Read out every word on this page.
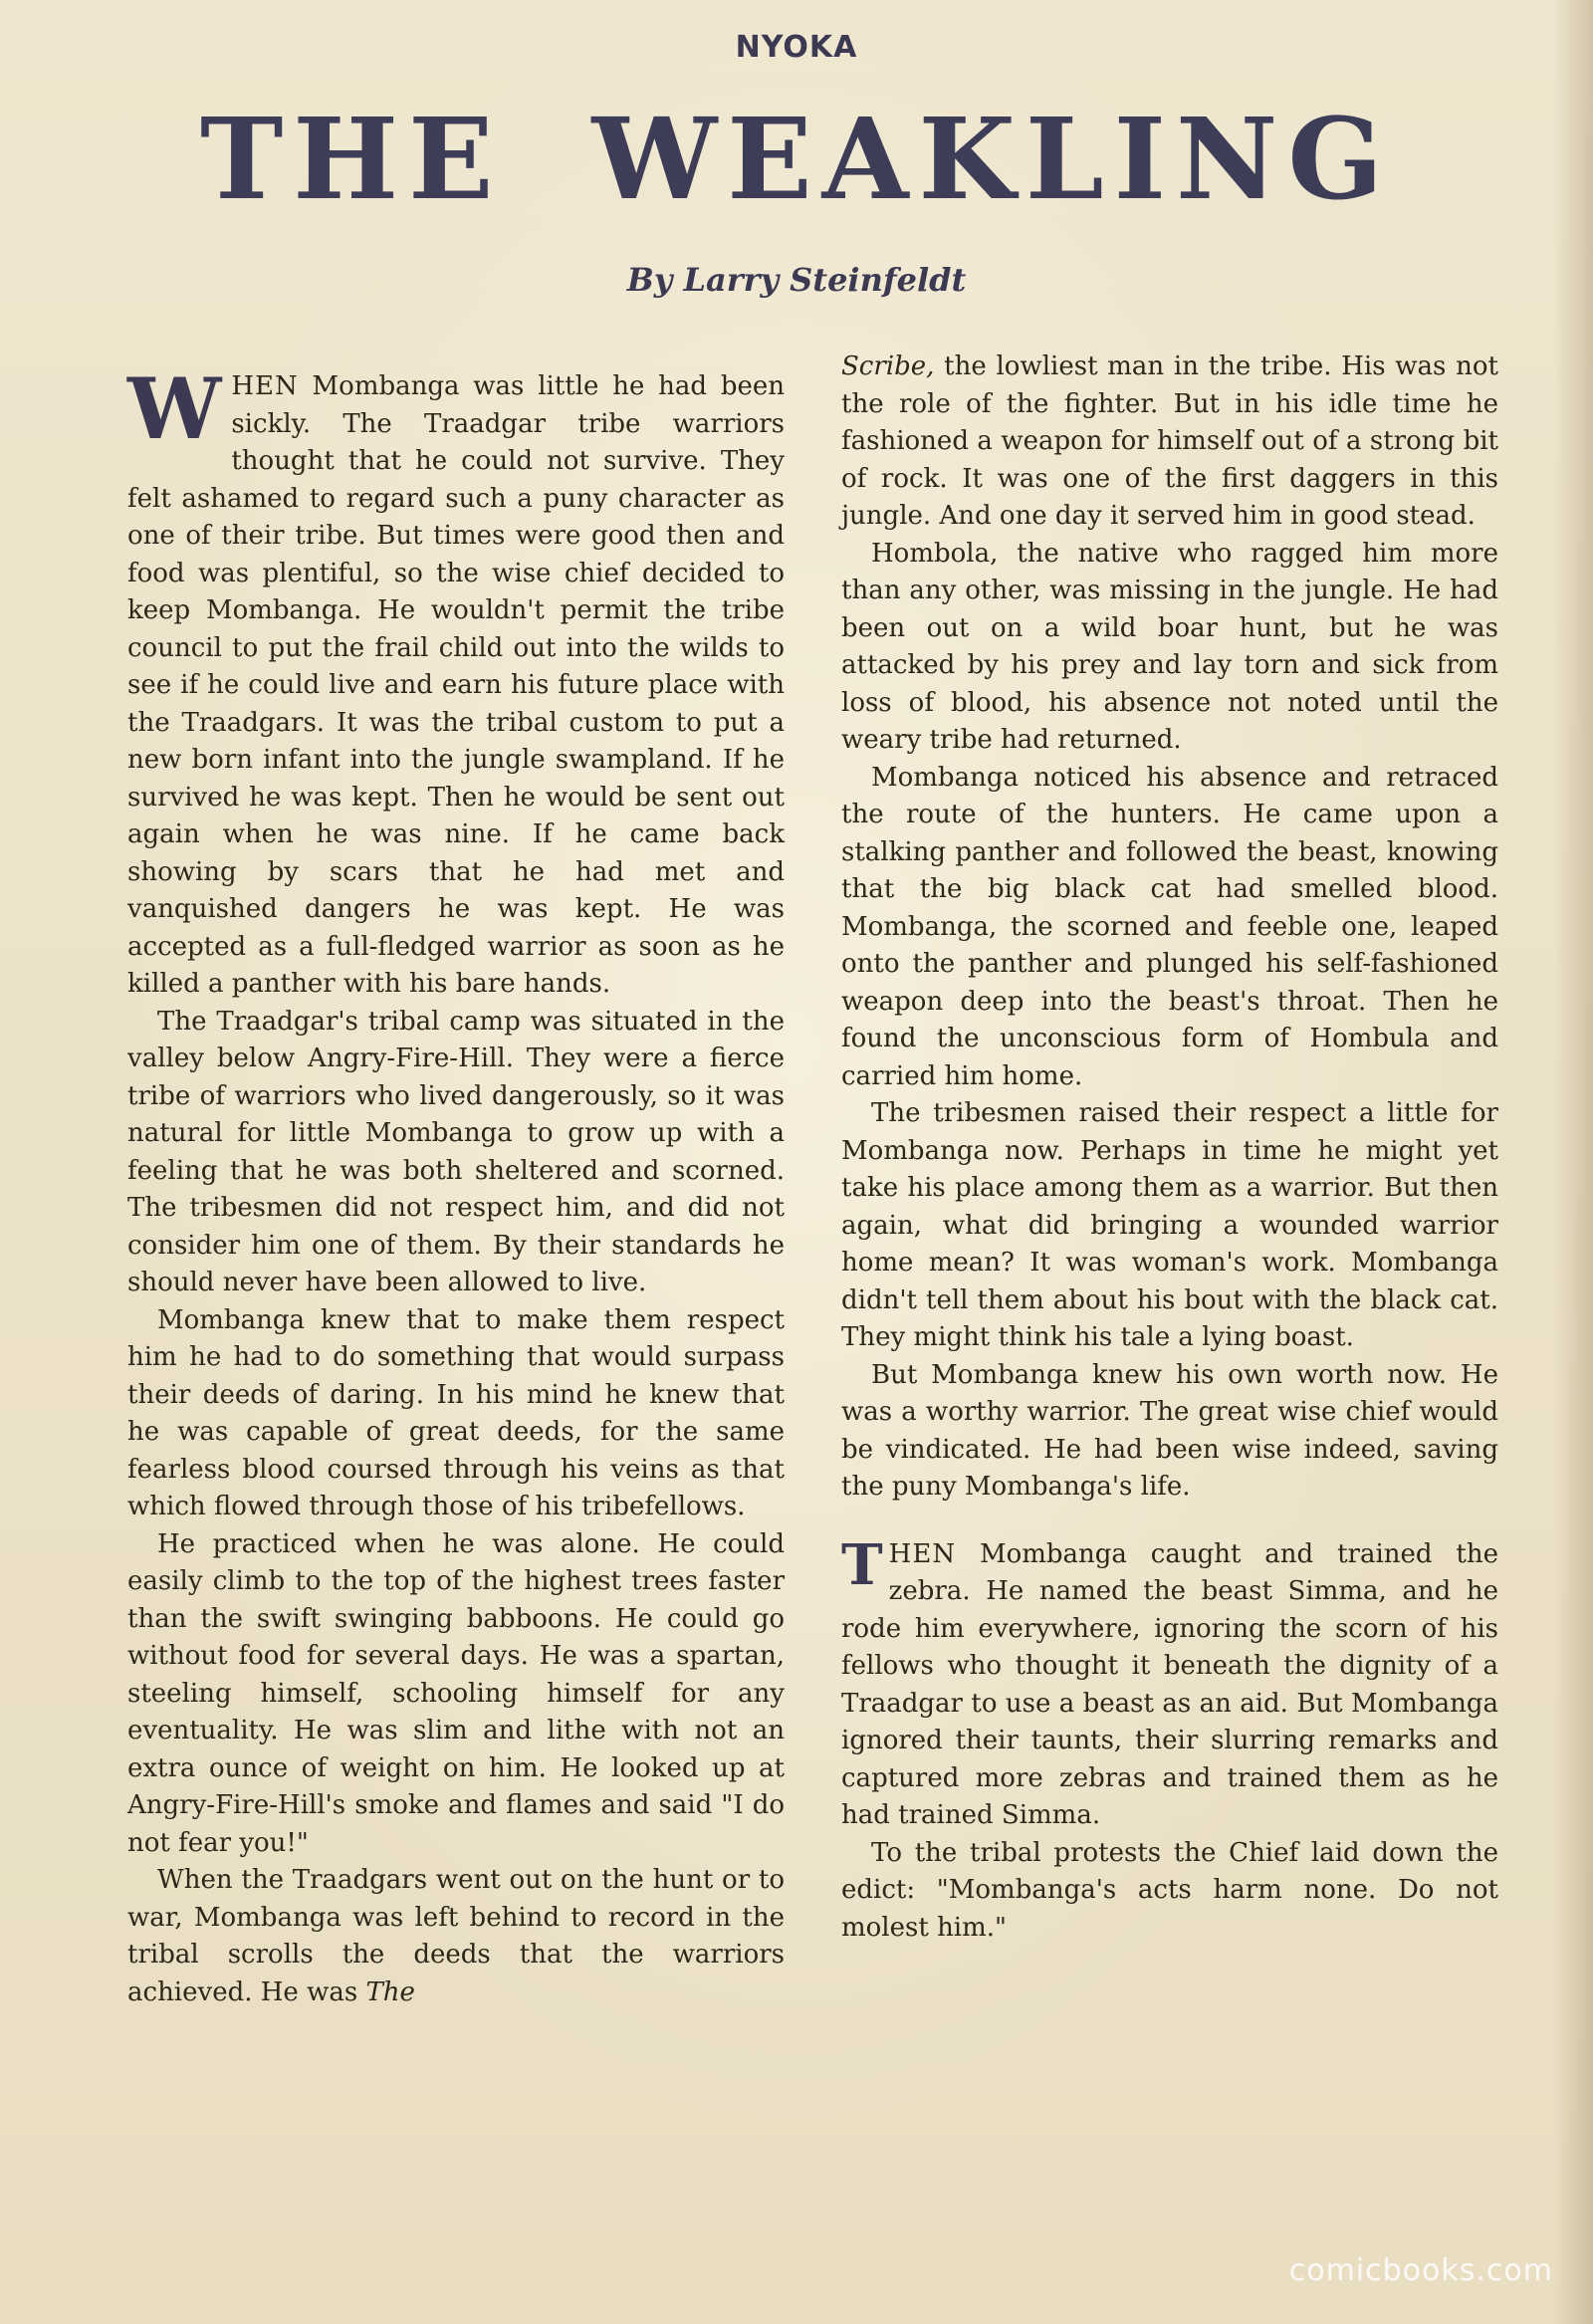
NYOKA
THE WEAKLING
By Larry Steinfeldt

WHEN Mombanga was little he had been sickly. The Traadgar tribe warriors thought that he could not survive. They felt ashamed to regard such a puny character as one of their tribe. But times were good then and food was plentiful, so the wise chief decided to keep Mombanga. He wouldn't permit the tribe council to put the frail child out into the wilds to see if he could live and earn his future place with the Traadgars. It was the tribal custom to put a new born infant into the jungle swampland. If he survived he was kept. Then he would be sent out again when he was nine. If he came back showing by scars that he had met and vanquished dangers he was kept. He was accepted as a full-fledged warrior as soon as he killed a panther with his bare hands.

The Traadgar's tribal camp was situated in the valley below Angry-Fire-Hill. They were a fierce tribe of warriors who lived dangerously, so it was natural for little Mombanga to grow up with a feeling that he was both sheltered and scorned. The tribesmen did not respect him, and did not consider him one of them. By their standards he should never have been allowed to live.

Mombanga knew that to make them respect him he had to do something that would surpass their deeds of daring. In his mind he knew that he was capable of great deeds, for the same fearless blood coursed through his veins as that which flowed through those of his tribefellows.

He practiced when he was alone. He could easily climb to the top of the highest trees faster than the swift swinging babboons. He could go without food for several days. He was a spartan, steeling himself, schooling himself for any eventuality. He was slim and lithe with not an extra ounce of weight on him. He looked up at Angry-Fire-Hill's smoke and flames and said "I do not fear you!"

When the Traadgars went out on the hunt or to war, Mombanga was left behind to record in the tribal scrolls the deeds that the warriors achieved. He was The

Scribe, the lowliest man in the tribe. His was not the role of the fighter. But in his idle time he fashioned a weapon for himself out of a strong bit of rock. It was one of the first daggers in this jungle. And one day it served him in good stead.

Hombola, the native who ragged him more than any other, was missing in the jungle. He had been out on a wild boar hunt, but he was attacked by his prey and lay torn and sick from loss of blood, his absence not noted until the weary tribe had returned.

Mombanga noticed his absence and retraced the route of the hunters. He came upon a stalking panther and followed the beast, knowing that the big black cat had smelled blood. Mombanga, the scorned and feeble one, leaped onto the panther and plunged his self-fashioned weapon deep into the beast's throat. Then he found the unconscious form of Hombula and carried him home.

The tribesmen raised their respect a little for Mombanga now. Perhaps in time he might yet take his place among them as a warrior. But then again, what did bringing a wounded warrior home mean? It was woman's work. Mombanga didn't tell them about his bout with the black cat. They might think his tale a lying boast.

But Mombanga knew his own worth now. He was a worthy warrior. The great wise chief would be vindicated. He had been wise indeed, saving the puny Mombanga's life.

THEN Mombanga caught and trained the zebra. He named the beast Simma, and he rode him everywhere, ignoring the scorn of his fellows who thought it beneath the dignity of a Traadgar to use a beast as an aid. But Mombanga ignored their taunts, their slurring remarks and captured more zebras and trained them as he had trained Simma.

To the tribal protests the Chief laid down the edict: "Mombanga's acts harm none. Do not molest him."

comicbooks.com
